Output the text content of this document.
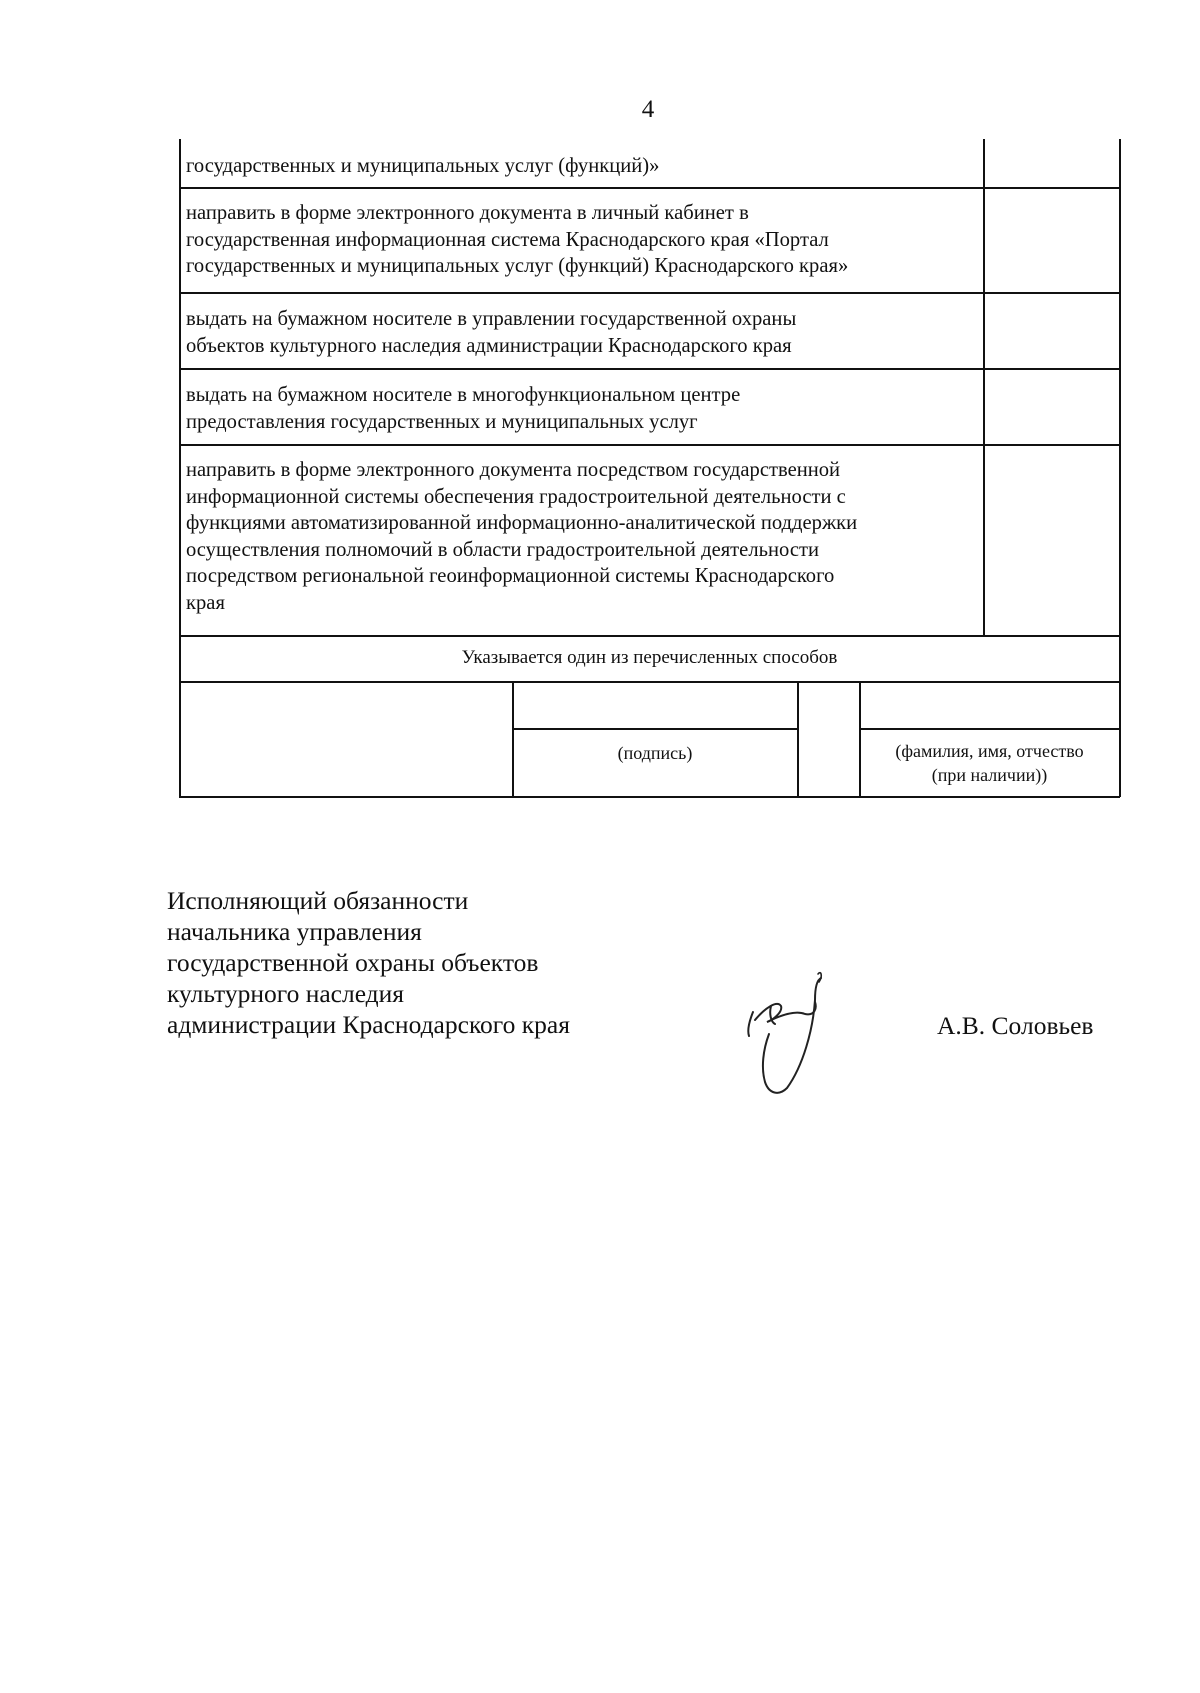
4
государственных и муниципальных услуг (функций)»
направить в форме электронного документа в личный кабинет в
государственная информационная система Краснодарского края «Портал
государственных и муниципальных услуг (функций) Краснодарского края»
выдать на бумажном носителе в управлении государственной охраны
объектов культурного наследия администрации Краснодарского края
выдать на бумажном носителе в многофункциональном центре
предоставления государственных и муниципальных услуг
направить в форме электронного документа посредством государственной
информационной системы обеспечения градостроительной деятельности с
функциями автоматизированной информационно-аналитической поддержки
осуществления полномочий в области градостроительной деятельности
посредством региональной геоинформационной системы Краснодарского
края
Указывается один из перечисленных способов
(подпись)	(фамилия, имя, отчество
(при наличии))
Исполняющий обязанности
начальника управления
государственной охраны объектов
культурного наследия
администрации Краснодарского края	А.В. Соловьев
